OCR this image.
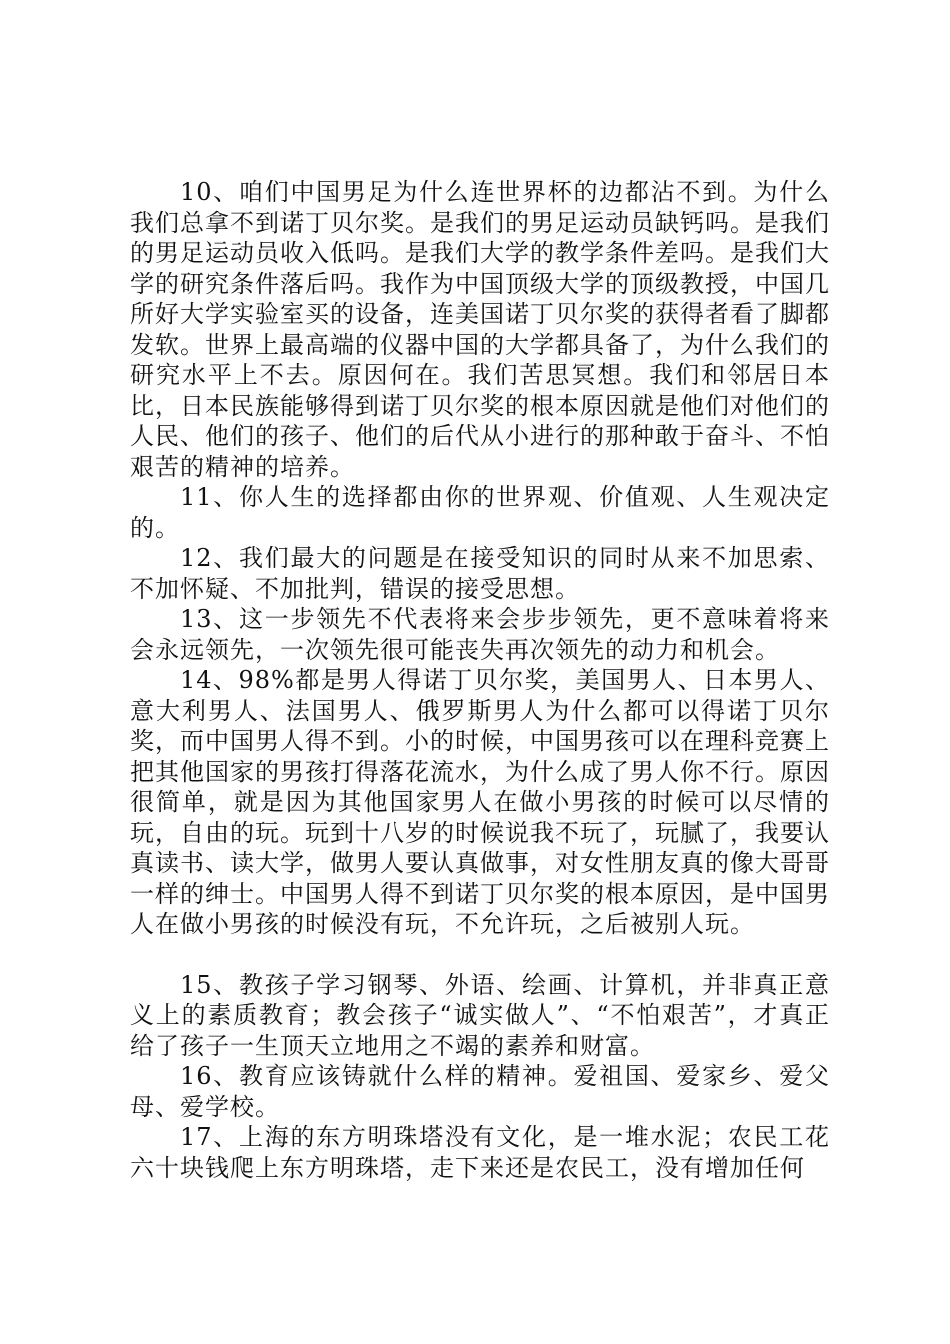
10、咱们中国男足为什么连世界杯的边都沾不到。为什么我们总拿不到诺丁贝尔奖。是我们的男足运动员缺钙吗。是我们的男足运动员收入低吗。是我们大学的教学条件差吗。是我们大学的研究条件落后吗。我作为中国顶级大学的顶级教授，中国几所好大学实验室买的设备，连美国诺丁贝尔奖的获得者看了脚都发软。世界上最高端的仪器中国的大学都具备了，为什么我们的研究水平上不去。原因何在。我们苦思冥想。我们和邻居日本比，日本民族能够得到诺丁贝尔奖的根本原因就是他们对他们的人民、他们的孩子、他们的后代从小进行的那种敢于奋斗、不怕艰苦的精神的培养。

11、你人生的选择都由你的世界观、价值观、人生观决定的。

12、我们最大的问题是在接受知识的同时从来不加思索、不加怀疑、不加批判，错误的接受思想。

13、这一步领先不代表将来会步步领先，更不意味着将来会永远领先，一次领先很可能丧失再次领先的动力和机会。

14、98%都是男人得诺丁贝尔奖，美国男人、日本男人、意大利男人、法国男人、俄罗斯男人为什么都可以得诺丁贝尔奖，而中国男人得不到。小的时候，中国男孩可以在理科竞赛上把其他国家的男孩打得落花流水，为什么成了男人你不行。原因很简单，就是因为其他国家男人在做小男孩的时候可以尽情的玩，自由的玩。玩到十八岁的时候说我不玩了，玩腻了，我要认真读书、读大学，做男人要认真做事，对女性朋友真的像大哥哥一样的绅士。中国男人得不到诺丁贝尔奖的根本原因，是中国男人在做小男孩的时候没有玩，不允许玩，之后被别人玩。

15、教孩子学习钢琴、外语、绘画、计算机，并非真正意义上的素质教育；教会孩子“诚实做人”、“不怕艰苦”，才真正给了孩子一生顶天立地用之不竭的素养和财富。

16、教育应该铸就什么样的精神。爱祖国、爱家乡、爱父母、爱学校。

17、上海的东方明珠塔没有文化，是一堆水泥；农民工花六十块钱爬上东方明珠塔，走下来还是农民工，没有增加任何
